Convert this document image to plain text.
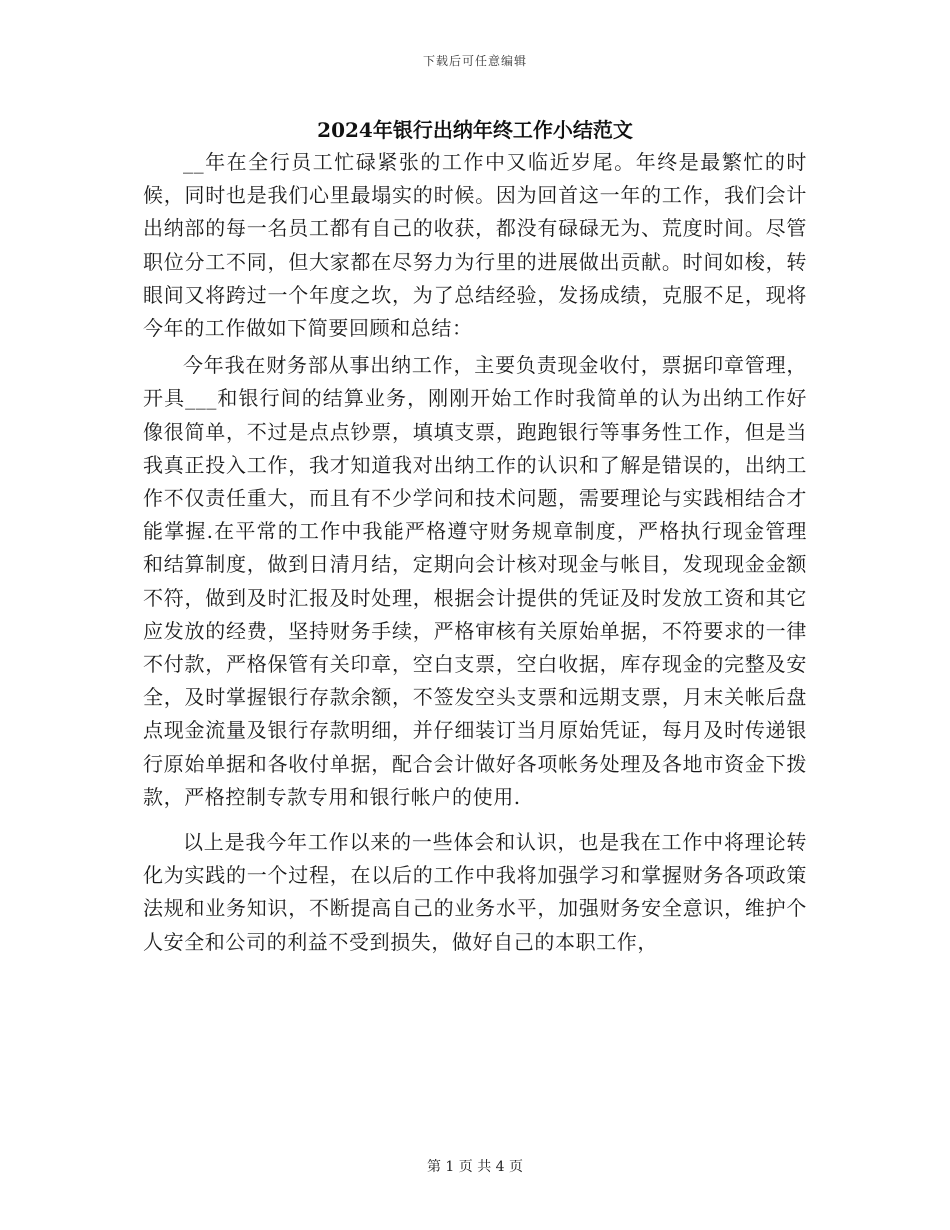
下载后可任意编辑
2024年银行出纳年终工作小结范文

__年在全行员工忙碌紧张的工作中又临近岁尾。年终是最繁忙的时候，同时也是我们心里最塌实的时候。因为回首这一年的工作，我们会计出纳部的每一名员工都有自己的收获，都没有碌碌无为、荒度时间。尽管职位分工不同，但大家都在尽努力为行里的进展做出贡献。时间如梭，转眼间又将跨过一个年度之坎，为了总结经验，发扬成绩，克服不足，现将今年的工作做如下简要回顾和总结：

今年我在财务部从事出纳工作，主要负责现金收付，票据印章管理，开具___和银行间的结算业务，刚刚开始工作时我简单的认为出纳工作好像很简单，不过是点点钞票，填填支票，跑跑银行等事务性工作，但是当我真正投入工作，我才知道我对出纳工作的认识和了解是错误的，出纳工作不仅责任重大，而且有不少学问和技术问题，需要理论与实践相结合才能掌握.在平常的工作中我能严格遵守财务规章制度，严格执行现金管理和结算制度，做到日清月结，定期向会计核对现金与帐目，发现现金金额不符，做到及时汇报及时处理，根据会计提供的凭证及时发放工资和其它应发放的经费，坚持财务手续，严格审核有关原始单据，不符要求的一律不付款，严格保管有关印章，空白支票，空白收据，库存现金的完整及安全，及时掌握银行存款余额，不签发空头支票和远期支票，月末关帐后盘点现金流量及银行存款明细，并仔细装订当月原始凭证，每月及时传递银行原始单据和各收付单据，配合会计做好各项帐务处理及各地市资金下拨款，严格控制专款专用和银行帐户的使用.

以上是我今年工作以来的一些体会和认识，也是我在工作中将理论转化为实践的一个过程，在以后的工作中我将加强学习和掌握财务各项政策法规和业务知识，不断提高自己的业务水平，加强财务安全意识，维护个人安全和公司的利益不受到损失，做好自己的本职工作，

第 1 页 共 4 页
